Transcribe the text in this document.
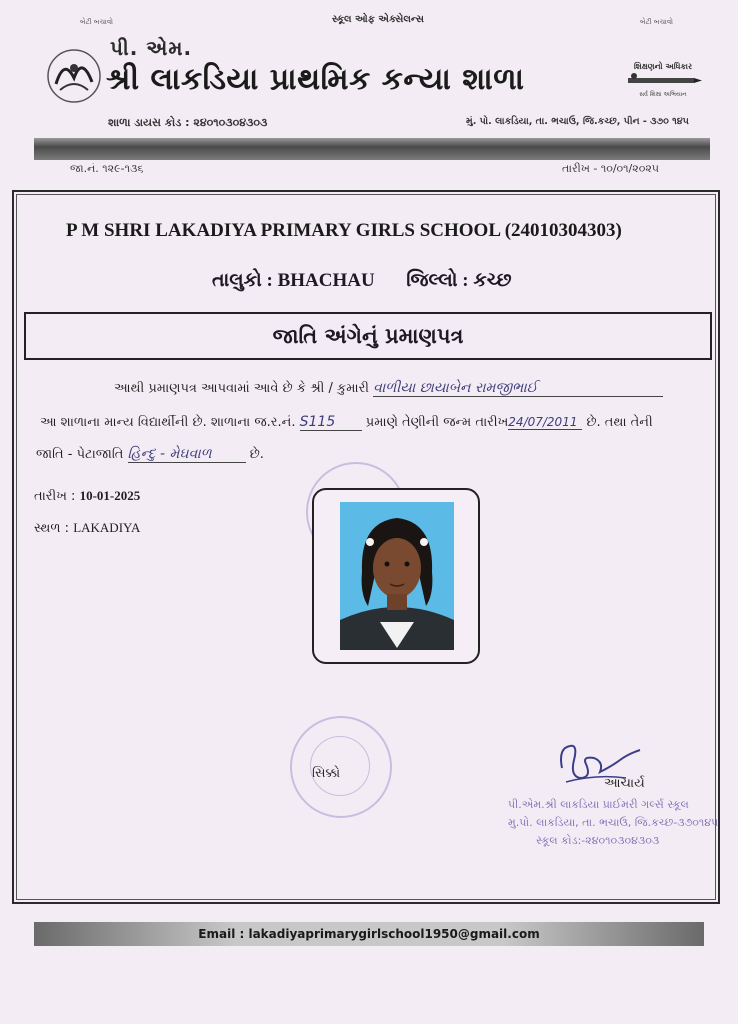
બેટી બચાવો	સ્કૂલ ઓફ એક્સેલન્સ	બેટી બચાવો
પી. એમ.
શ્રી લાકડિયા પ્રાથમિક કન્યા શાળા	શિક્ષણનો અધિકાર
સર્વ શિક્ષા અભિયાન
શાળા ડાયસ કોડ : ૨૪૦૧૦૩૦૪૩૦૩	મું. પો. લાકડિયા, તા. ભચાઉ, જિ.કચ્છ, પીન - ૩૭૦ ૧૪૫
જા.નં. ૧૨૯-૧૩૬	તારીખ - ૧૦/૦૧/૨૦૨૫
P M SHRI LAKADIYA PRIMARY GIRLS SCHOOL (24010304303)
તાલુકો : BHACHAU જિલ્લો : કચ્છ
જાતિ અંગેનું પ્રમાણપત્ર
આથી પ્રમાણપત્ર આપવામાં આવે છે કે શ્રી / કુમારી વાળીયા છાયાબેન રામજીભાઈ
આ શાળાના માન્ય વિદ્યાર્થીની છે. શાળાના જ.ર.નં. S115 પ્રમાણે તેણીની જન્મ તારીખ24/07/2011 છે. તથા તેની
જાતિ - પેટાજાતિ હિન્દુ - મેઘવાળ	છે.
તારીખ : 10-01-2025
સ્થળ : LAKADIYA
સિક્કો
આચાર્ય
પી.એમ.શ્રી લાકડિયા પ્રાઈમરી ગર્લ્સ સ્કૂલ
મુ.પો. લાકડિયા, તા. ભચાઉ, જિ.કચ્છ-૩૭૦૧૪૫
સ્કૂલ કોડ:-૨૪૦૧૦૩૦૪૩૦૩
Email : lakadiyaprimarygirlschool1950@gmail.com
